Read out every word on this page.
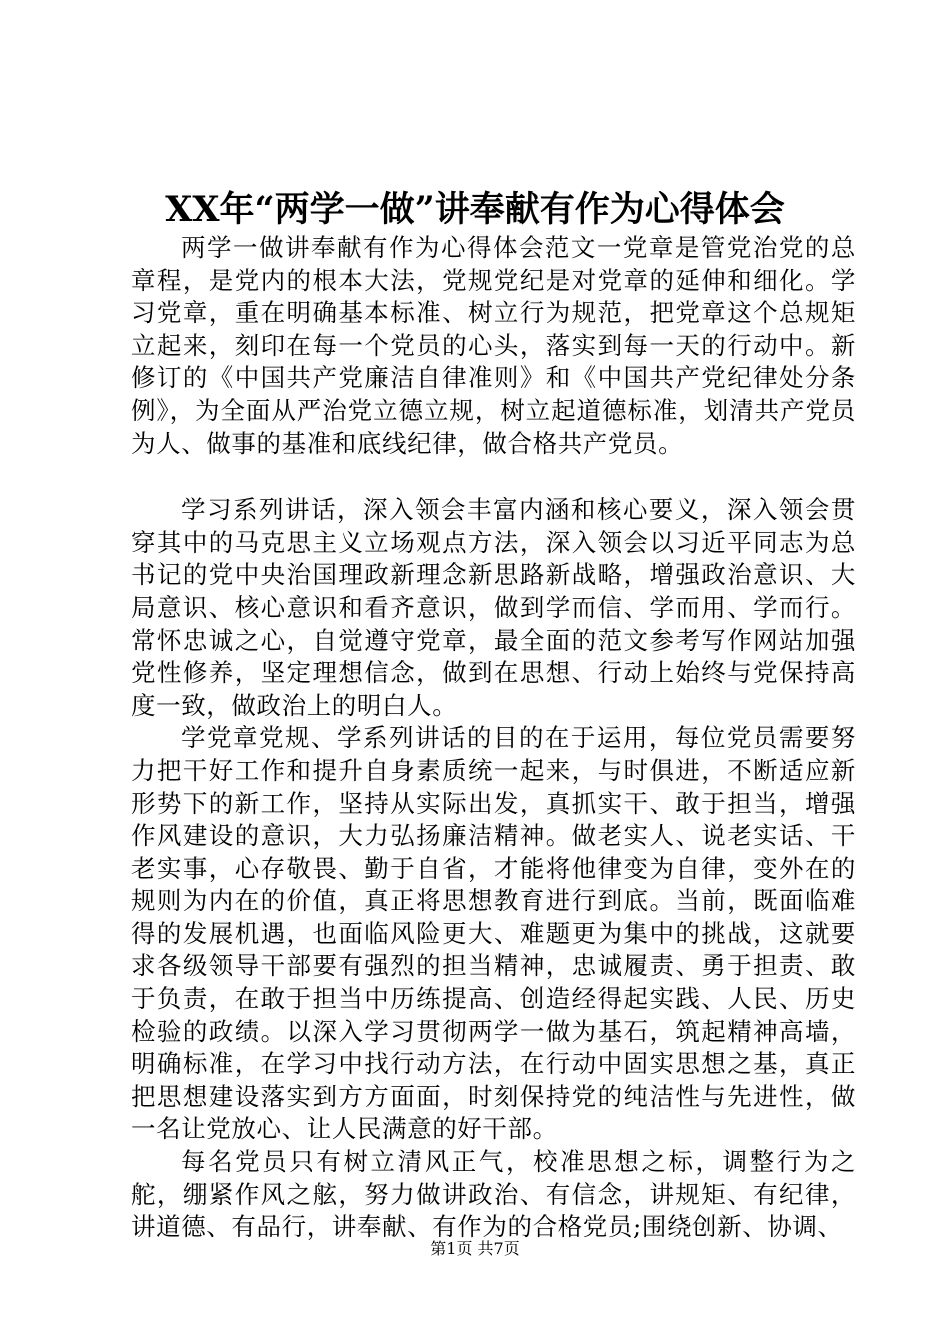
XX年“两学一做”讲奉献有作为心得体会

两学一做讲奉献有作为心得体会范文一党章是管党治党的总章程，是党内的根本大法，党规党纪是对党章的延伸和细化。学习党章，重在明确基本标准、树立行为规范，把党章这个总规矩立起来，刻印在每一个党员的心头，落实到每一天的行动中。新修订的《中国共产党廉洁自律准则》和《中国共产党纪律处分条例》，为全面从严治党立德立规，树立起道德标准，划清共产党员为人、做事的基准和底线纪律，做合格共产党员。

学习系列讲话，深入领会丰富内涵和核心要义，深入领会贯穿其中的马克思主义立场观点方法，深入领会以习近平同志为总书记的党中央治国理政新理念新思路新战略，增强政治意识、大局意识、核心意识和看齐意识，做到学而信、学而用、学而行。常怀忠诚之心，自觉遵守党章，最全面的范文参考写作网站加强党性修养，坚定理想信念，做到在思想、行动上始终与党保持高度一致，做政治上的明白人。

学党章党规、学系列讲话的目的在于运用，每位党员需要努力把干好工作和提升自身素质统一起来，与时俱进，不断适应新形势下的新工作，坚持从实际出发，真抓实干、敢于担当，增强作风建设的意识，大力弘扬廉洁精神。做老实人、说老实话、干老实事，心存敬畏、勤于自省，才能将他律变为自律，变外在的规则为内在的价值，真正将思想教育进行到底。当前，既面临难得的发展机遇，也面临风险更大、难题更为集中的挑战，这就要求各级领导干部要有强烈的担当精神，忠诚履责、勇于担责、敢于负责，在敢于担当中历练提高、创造经得起实践、人民、历史检验的政绩。以深入学习贯彻两学一做为基石，筑起精神高墙，明确标准，在学习中找行动方法，在行动中固实思想之基，真正把思想建设落实到方方面面，时刻保持党的纯洁性与先进性，做一名让党放心、让人民满意的好干部。

每名党员只有树立清风正气，校准思想之标，调整行为之舵，绷紧作风之舷，努力做讲政治、有信念，讲规矩、有纪律，讲道德、有品行，讲奉献、有作为的合格党员;围绕创新、协调、

第1页 共7页
